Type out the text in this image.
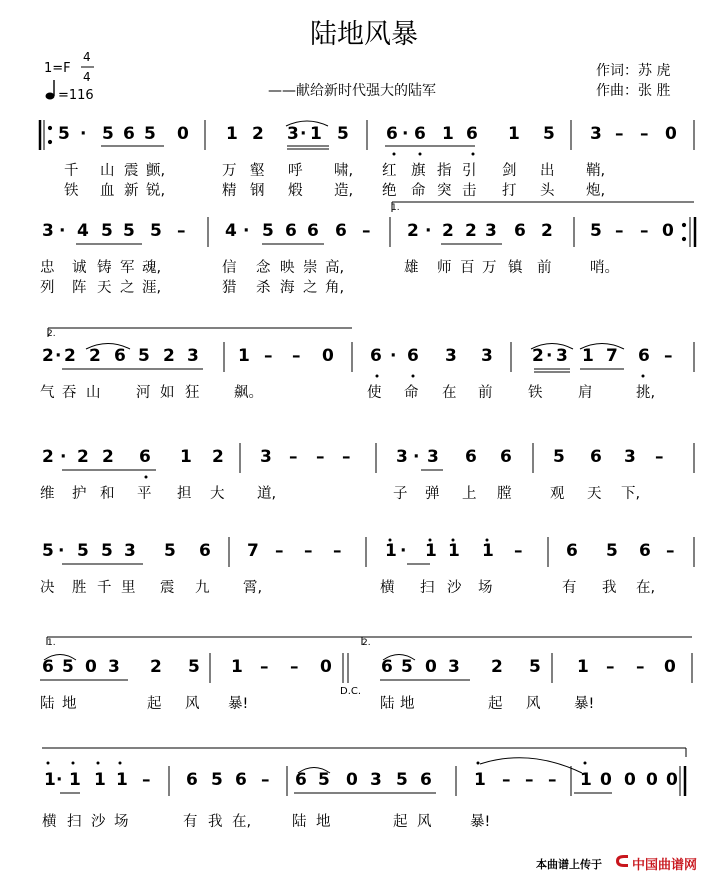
陆地风暴
1=F
4
4
=116	——献给新时代强大的陆军
作词：苏 虎
作曲：张 胜
1.
2.
1.	2.
D.C.
5 · 5 6 5 0 1 2 3 · 1 5 6 · 6 1 6 1 5 3 – – 0
千 山 震 颤,	万 壑 呼 啸, 红 旗 指 引 剑 出 鞘,
铁 血 新 锐,	精 钢 煅 造, 绝 命 突 击 打 头 炮,
3 · 4 5 5 5 – 4 · 5 6 6 6 – 2 · 2 2 3 6 2 5 – – 0
忠 诚 铸 军 魂,	信 念 映 崇 高,	雄 师 百 万 镇 前	哨。
列 阵 天 之 涯,	猎 杀 海 之 角,
2 · 2 2 6 5 2 3 1 – – 0 6 · 6 3 3 2 · 3 1 7 6 –
气 吞 山 河 如 狂 飙。	使 命 在 前 铁 肩	挑,
2 · 2 2 6 1 2 3 – – –	3 · 3 6 6 5 6 3 –
维 护 和 平 担 大 道,	子 弹 上 膛	观 天 下,
5 · 5 5 3 5 6 7 – – –	1 · 1 1 1 –	6 5 6 –
决 胜 千 里 震 九 霄,	横 扫 沙 场	有 我 在,
6 5 0 3 2 5 1 – – 0	6 5 0 3 2 5 1 – – 0
陆 地	起 风 暴!	陆 地	起 风 暴!
1 · 1 1 1 – 6 5 6 – 6 5 0 3 5 6 1 – – – 1 0 0 0 0
横 扫 沙 场	有 我 在,	陆 地	起 风	暴!
本曲谱上传于 中国曲谱网
